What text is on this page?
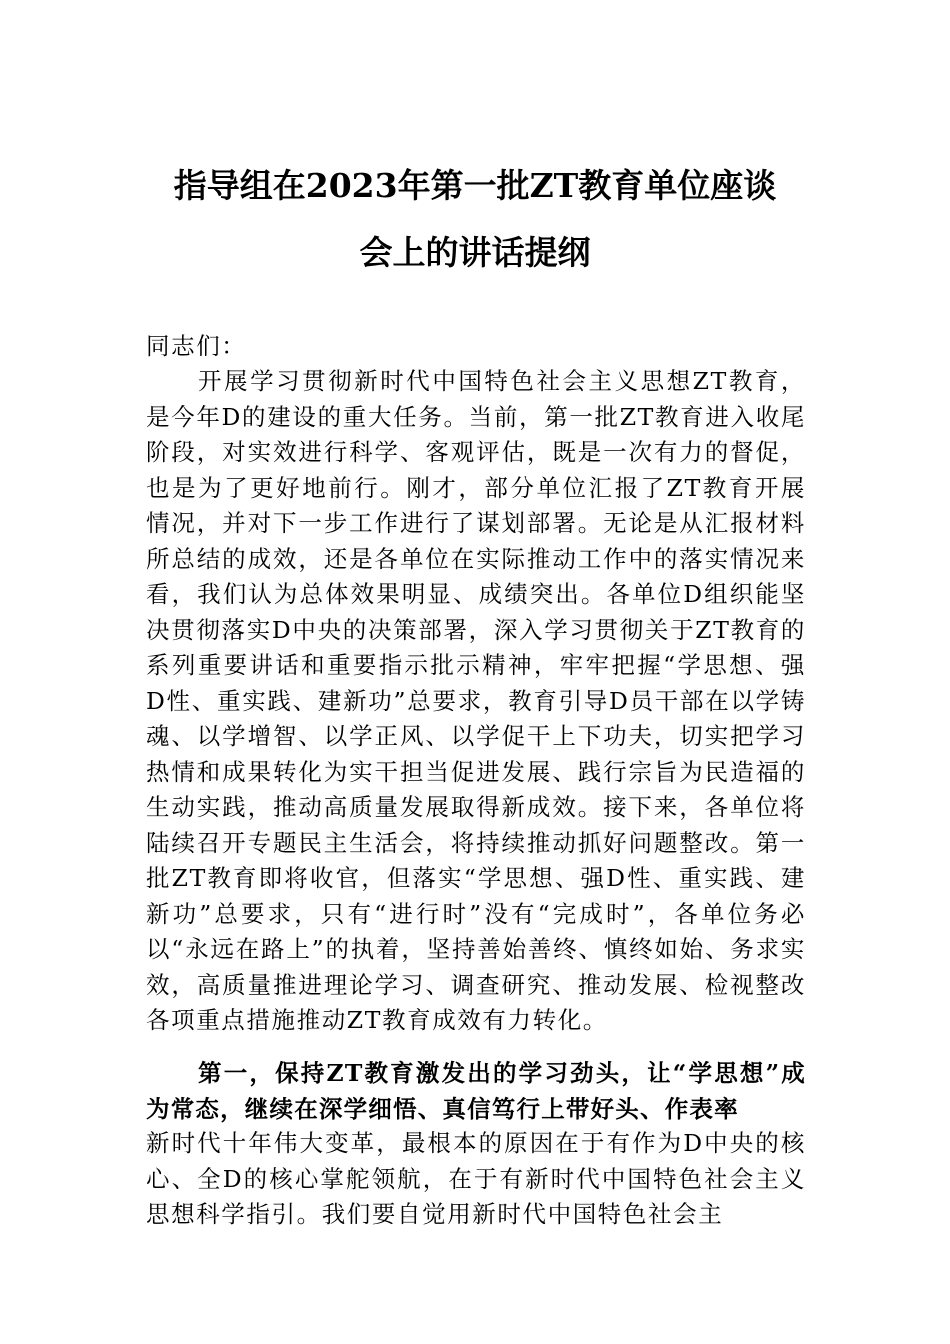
指导组在2023年第一批ZT教育单位座谈
会上的讲话提纲
同志们：
开展学习贯彻新时代中国特色社会主义思想ZT教育，是今年D的建设的重大任务。当前，第一批ZT教育进入收尾阶段，对实效进行科学、客观评估，既是一次有力的督促，也是为了更好地前行。刚才，部分单位汇报了ZT教育开展情况，并对下一步工作进行了谋划部署。无论是从汇报材料所总结的成效，还是各单位在实际推动工作中的落实情况来看，我们认为总体效果明显、成绩突出。各单位D组织能坚决贯彻落实D中央的决策部署，深入学习贯彻关于ZT教育的系列重要讲话和重要指示批示精神，牢牢把握“学思想、强D性、重实践、建新功”总要求，教育引导D员干部在以学铸魂、以学增智、以学正风、以学促干上下功夫，切实把学习热情和成果转化为实干担当促进发展、践行宗旨为民造福的生动实践，推动高质量发展取得新成效。接下来，各单位将陆续召开专题民主生活会，将持续推动抓好问题整改。第一批ZT教育即将收官，但落实“学思想、强D性、重实践、建新功”总要求，只有“进行时”没有“完成时”，各单位务必以“永远在路上”的执着，坚持善始善终、慎终如始、务求实效，高质量推进理论学习、调查研究、推动发展、检视整改各项重点措施推动ZT教育成效有力转化。
第一，保持ZT教育激发出的学习劲头，让“学思想”成为常态，继续在深学细悟、真信笃行上带好头、作表率
新时代十年伟大变革，最根本的原因在于有作为D中央的核心、全D的核心掌舵领航，在于有新时代中国特色社会主义思想科学指引。我们要自觉用新时代中国特色社会主
